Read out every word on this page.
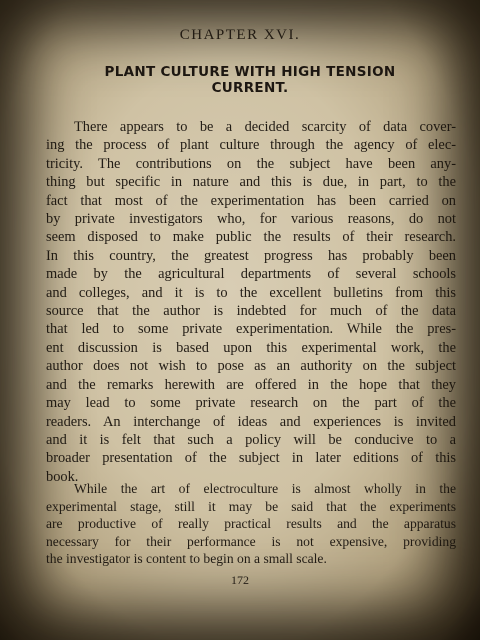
CHAPTER XVI.
PLANT CULTURE WITH HIGH TENSION
CURRENT.
There appears to be a decided scarcity of data cover-
ing the process of plant culture through the agency of elec-
tricity. The contributions on the subject have been any-
thing but specific in nature and this is due, in part, to the
fact that most of the experimentation has been carried on
by private investigators who, for various reasons, do not
seem disposed to make public the results of their research.
In this country, the greatest progress has probably been
made by the agricultural departments of several schools
and colleges, and it is to the excellent bulletins from this
source that the author is indebted for much of the data
that led to some private experimentation. While the pres-
ent discussion is based upon this experimental work, the
author does not wish to pose as an authority on the subject
and the remarks herewith are offered in the hope that they
may lead to some private research on the part of the
readers. An interchange of ideas and experiences is invited
and it is felt that such a policy will be conducive to a
broader presentation of the subject in later editions of this
book.
While the art of electroculture is almost wholly in the
experimental stage, still it may be said that the experiments
are productive of really practical results and the apparatus
necessary for their performance is not expensive, providing
the investigator is content to begin on a small scale.
172
